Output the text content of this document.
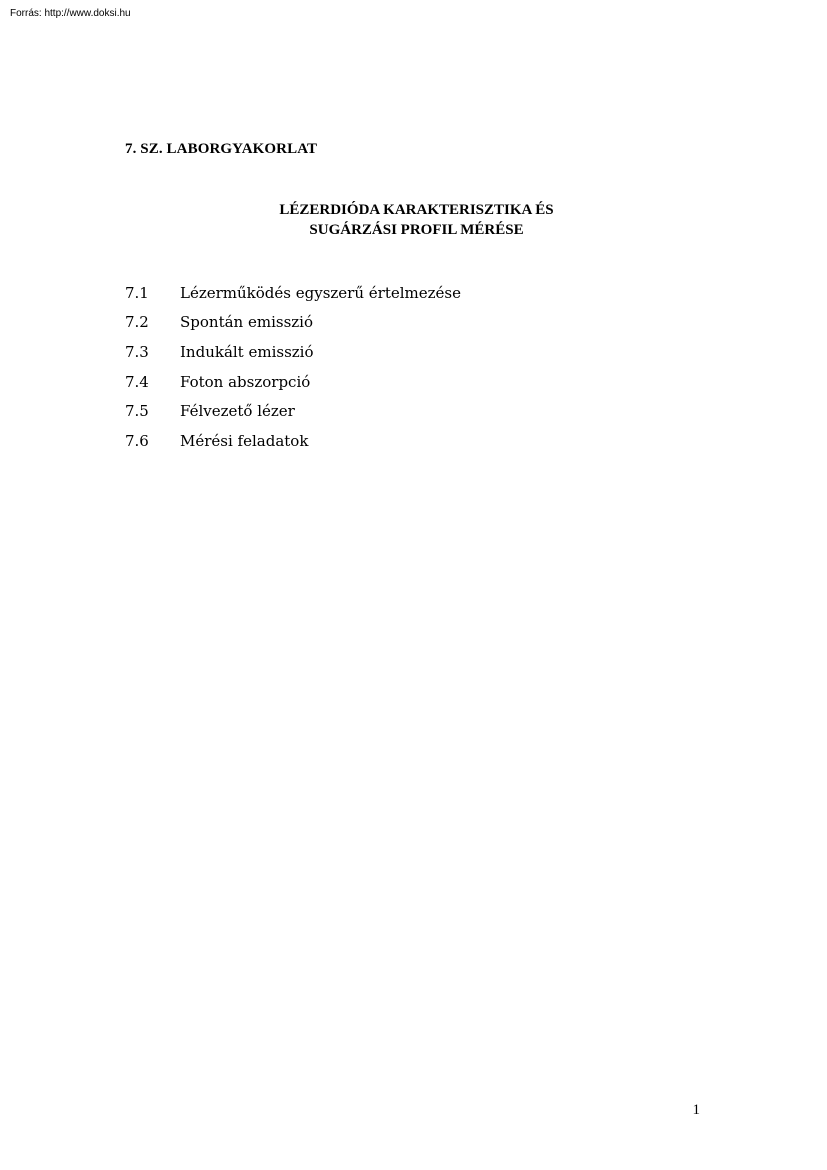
Forrás: http://www.doksi.hu
7. SZ. LABORGYAKORLAT
LÉZERDIÓDA KARAKTERISZTIKA ÉS
SUGÁRZÁSI PROFIL MÉRÉSE
7.1	Lézerműködés egyszerű értelmezése
7.2	Spontán emisszió
7.3	Indukált emisszió
7.4	Foton abszorpció
7.5	Félvezető lézer
7.6	Mérési feladatok
1
